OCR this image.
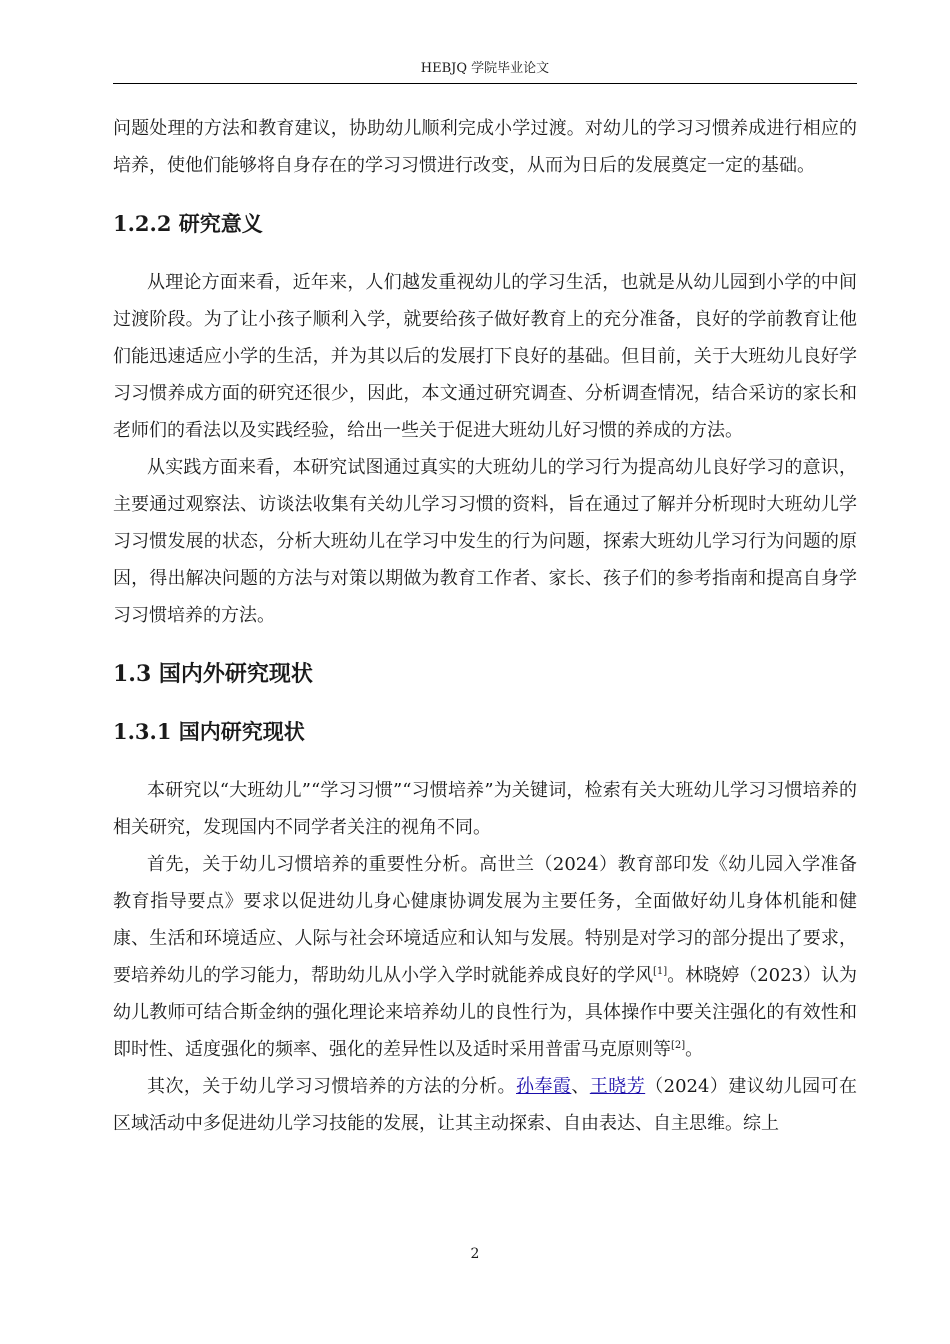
HEBJQ 学院毕业论文

问题处理的方法和教育建议，协助幼儿顺利完成小学过渡。对幼儿的学习习惯养成进行相应的培养，使他们能够将自身存在的学习习惯进行改变，从而为日后的发展奠定一定的基础。

1.2.2 研究意义

从理论方面来看，近年来，人们越发重视幼儿的学习生活，也就是从幼儿园到小学的中间过渡阶段。为了让小孩子顺利入学，就要给孩子做好教育上的充分准备，良好的学前教育让他们能迅速适应小学的生活，并为其以后的发展打下良好的基础。但目前，关于大班幼儿良好学习习惯养成方面的研究还很少，因此，本文通过研究调查、分析调查情况，结合采访的家长和老师们的看法以及实践经验，给出一些关于促进大班幼儿好习惯的养成的方法。

从实践方面来看，本研究试图通过真实的大班幼儿的学习行为提高幼儿良好学习的意识，主要通过观察法、访谈法收集有关幼儿学习习惯的资料，旨在通过了解并分析现时大班幼儿学习习惯发展的状态，分析大班幼儿在学习中发生的行为问题，探索大班幼儿学习行为问题的原因，得出解决问题的方法与对策以期做为教育工作者、家长、孩子们的参考指南和提高自身学习习惯培养的方法。

1.3 国内外研究现状
1.3.1 国内研究现状

本研究以“大班幼儿”“学习习惯”“习惯培养”为关键词，检索有关大班幼儿学习习惯培养的相关研究，发现国内不同学者关注的视角不同。

首先，关于幼儿习惯培养的重要性分析。高世兰（2024）教育部印发《幼儿园入学准备教育指导要点》要求以促进幼儿身心健康协调发展为主要任务，全面做好幼儿身体机能和健康、生活和环境适应、人际与社会环境适应和认知与发展。特别是对学习的部分提出了要求，要培养幼儿的学习能力，帮助幼儿从小学入学时就能养成良好的学风[1]。林晓婷（2023）认为幼儿教师可结合斯金纳的强化理论来培养幼儿的良性行为，具体操作中要关注强化的有效性和即时性、适度强化的频率、强化的差异性以及适时采用普雷马克原则等[2]。

其次，关于幼儿学习习惯培养的方法的分析。孙奉霞、王晓芳（2024）建议幼儿园可在区域活动中多促进幼儿学习技能的发展，让其主动探索、自由表达、自主思维。综上

2
